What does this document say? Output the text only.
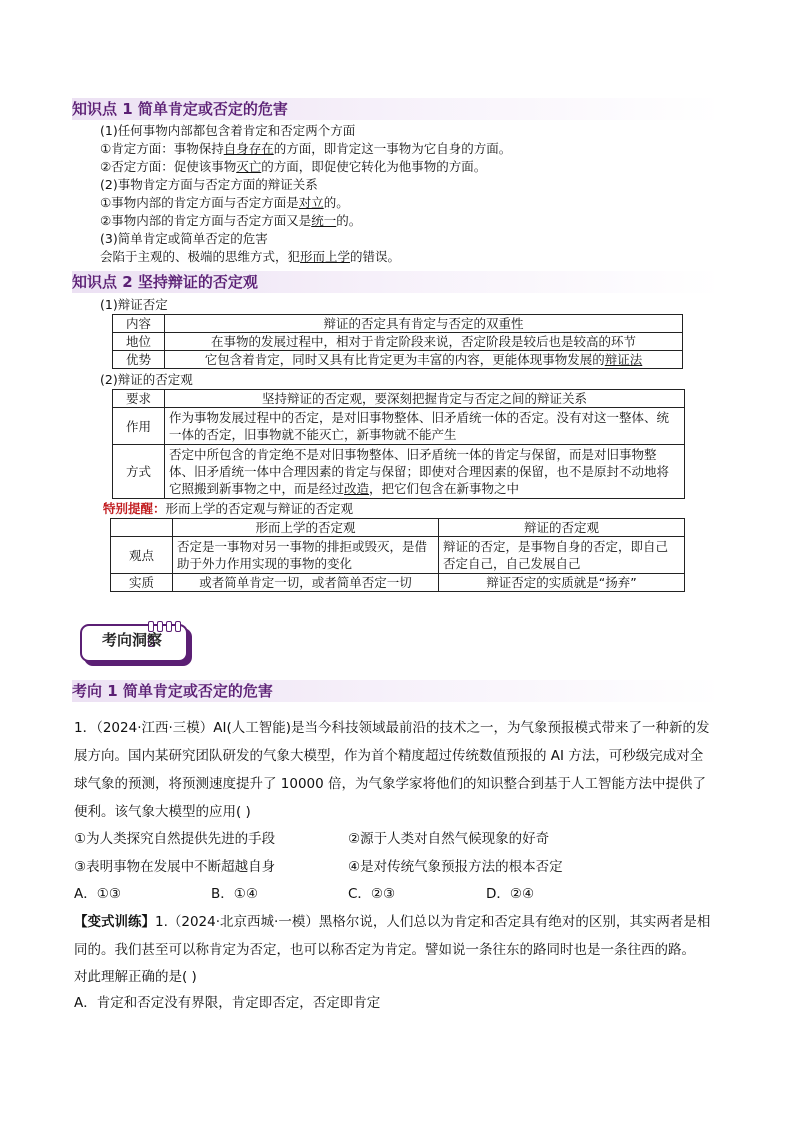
知识点 1 简单肯定或否定的危害
(1)任何事物内部都包含着肯定和否定两个方面
①肯定方面：事物保持自身存在的方面，即肯定这一事物为它自身的方面。
②否定方面：促使该事物灭亡的方面，即促使它转化为他事物的方面。
(2)事物肯定方面与否定方面的辩证关系
①事物内部的肯定方面与否定方面是对立的。
②事物内部的肯定方面与否定方面又是统一的。
(3)简单肯定或简单否定的危害
会陷于主观的、极端的思维方式，犯形而上学的错误。
知识点 2 坚持辩证的否定观
(1)辩证否定
内容	辩证的否定具有肯定与否定的双重性
地位	在事物的发展过程中，相对于肯定阶段来说，否定阶段是较后也是较高的环节
优势	它包含着肯定，同时又具有比肯定更为丰富的内容，更能体现事物发展的辩证法
(2)辩证的否定观
要求	坚持辩证的否定观，要深刻把握肯定与否定之间的辩证关系
作用	作为事物发展过程中的否定，是对旧事物整体、旧矛盾统一体的否定。没有对这一整体、统一体的否定，旧事物就不能灭亡，新事物就不能产生
方式	否定中所包含的肯定绝不是对旧事物整体、旧矛盾统一体的肯定与保留，而是对旧事物整体、旧矛盾统一体中合理因素的肯定与保留；即使对合理因素的保留，也不是原封不动地将它照搬到新事物之中，而是经过改造，把它们包含在新事物之中
特别提醒：形而上学的否定观与辩证的否定观
	形而上学的否定观	辩证的否定观
观点	否定是一事物对另一事物的排拒或毁灭，是借助于外力作用实现的事物的变化	辩证的否定，是事物自身的否定，即自己否定自己，自己发展自己
实质	或者简单肯定一切，或者简单否定一切	辩证否定的实质就是“扬弃”
考向洞察
考向 1 简单肯定或否定的危害
1．（2024·江西·三模）AI(人工智能)是当今科技领域最前沿的技术之一，为气象预报模式带来了一种新的发
展方向。国内某研究团队研发的气象大模型，作为首个精度超过传统数值预报的 AI 方法，可秒级完成对全
球气象的预测，将预测速度提升了 10000 倍，为气象学家将他们的知识整合到基于人工智能方法中提供了
便利。该气象大模型的应用( )
①为人类探究自然提供先进的手段	②源于人类对自然气候现象的好奇
③表明事物在发展中不断超越自身	④是对传统气象预报方法的根本否定
A．①③	B．①④	C．②③	D．②④
【变式训练】1.（2024·北京西城·一模）黑格尔说，人们总以为肯定和否定具有绝对的区别，其实两者是相
同的。我们甚至可以称肯定为否定，也可以称否定为肯定。譬如说一条往东的路同时也是一条往西的路。
对此理解正确的是( )
A．肯定和否定没有界限，肯定即否定，否定即肯定
